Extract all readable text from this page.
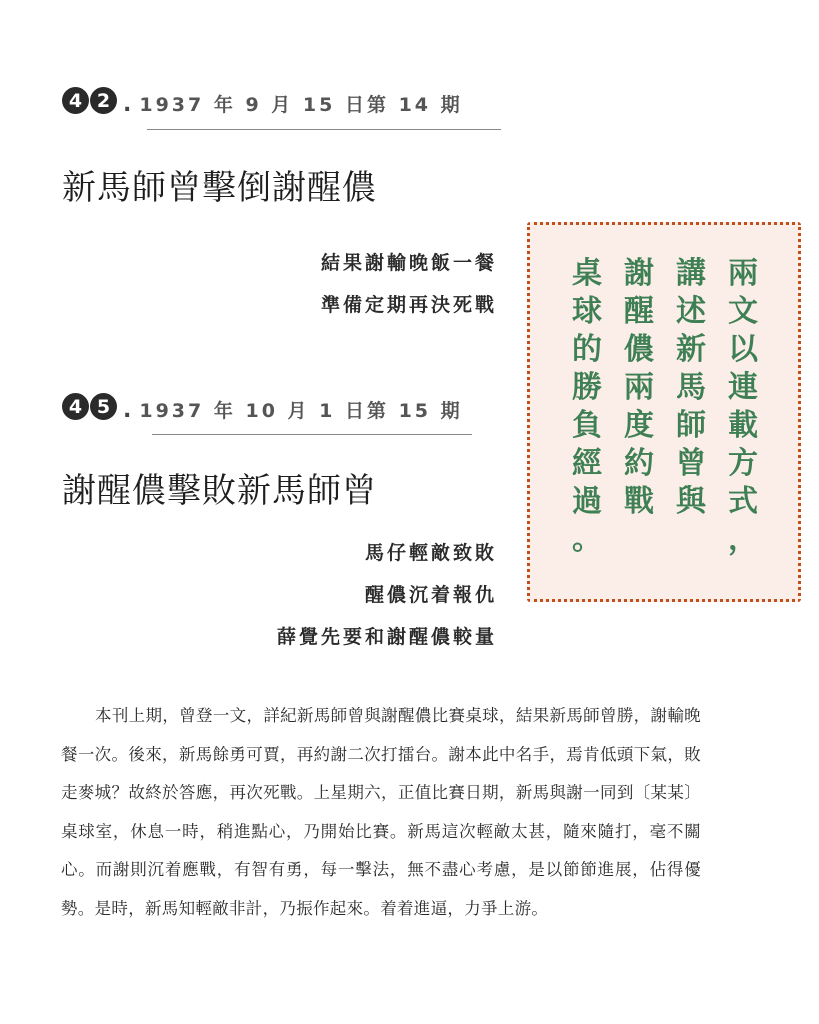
4 2 . 1937 年 9 月 15 日第 14 期
新馬師曾擊倒謝醒儂
結果謝輸晚飯一餐
準備定期再決死戰
4 5 . 1937 年 10 月 1 日第 15 期
謝醒儂擊敗新馬師曾
馬仔輕敵致敗
醒儂沉着報仇
薛覺先要和謝醒儂較量
本刊上期，曾登一文，詳紀新馬師曾與謝醒儂比賽桌球，結果新馬師曾勝，謝輸晚餐一次。後來，新馬餘勇可賈，再約謝二次打擂台。謝本此中名手，焉肯低頭下氣，敗走麥城？故終於答應，再次死戰。上星期六，正值比賽日期，新馬與謝一同到〔某某〕桌球室，休息一時，稍進點心，乃開始比賽。新馬這次輕敵太甚，隨來隨打，毫不關心。而謝則沉着應戰，有智有勇，每一擊法，無不盡心考慮，是以節節進展，佔得優勢。是時，新馬知輕敵非計，乃振作起來。着着進逼，力爭上游。
兩
文
以
連
載
方
式
，
講
述
新
馬
師
曾
與
謝
醒
儂
兩
度
約
戰
桌
球
的
勝
負
經
過
。
